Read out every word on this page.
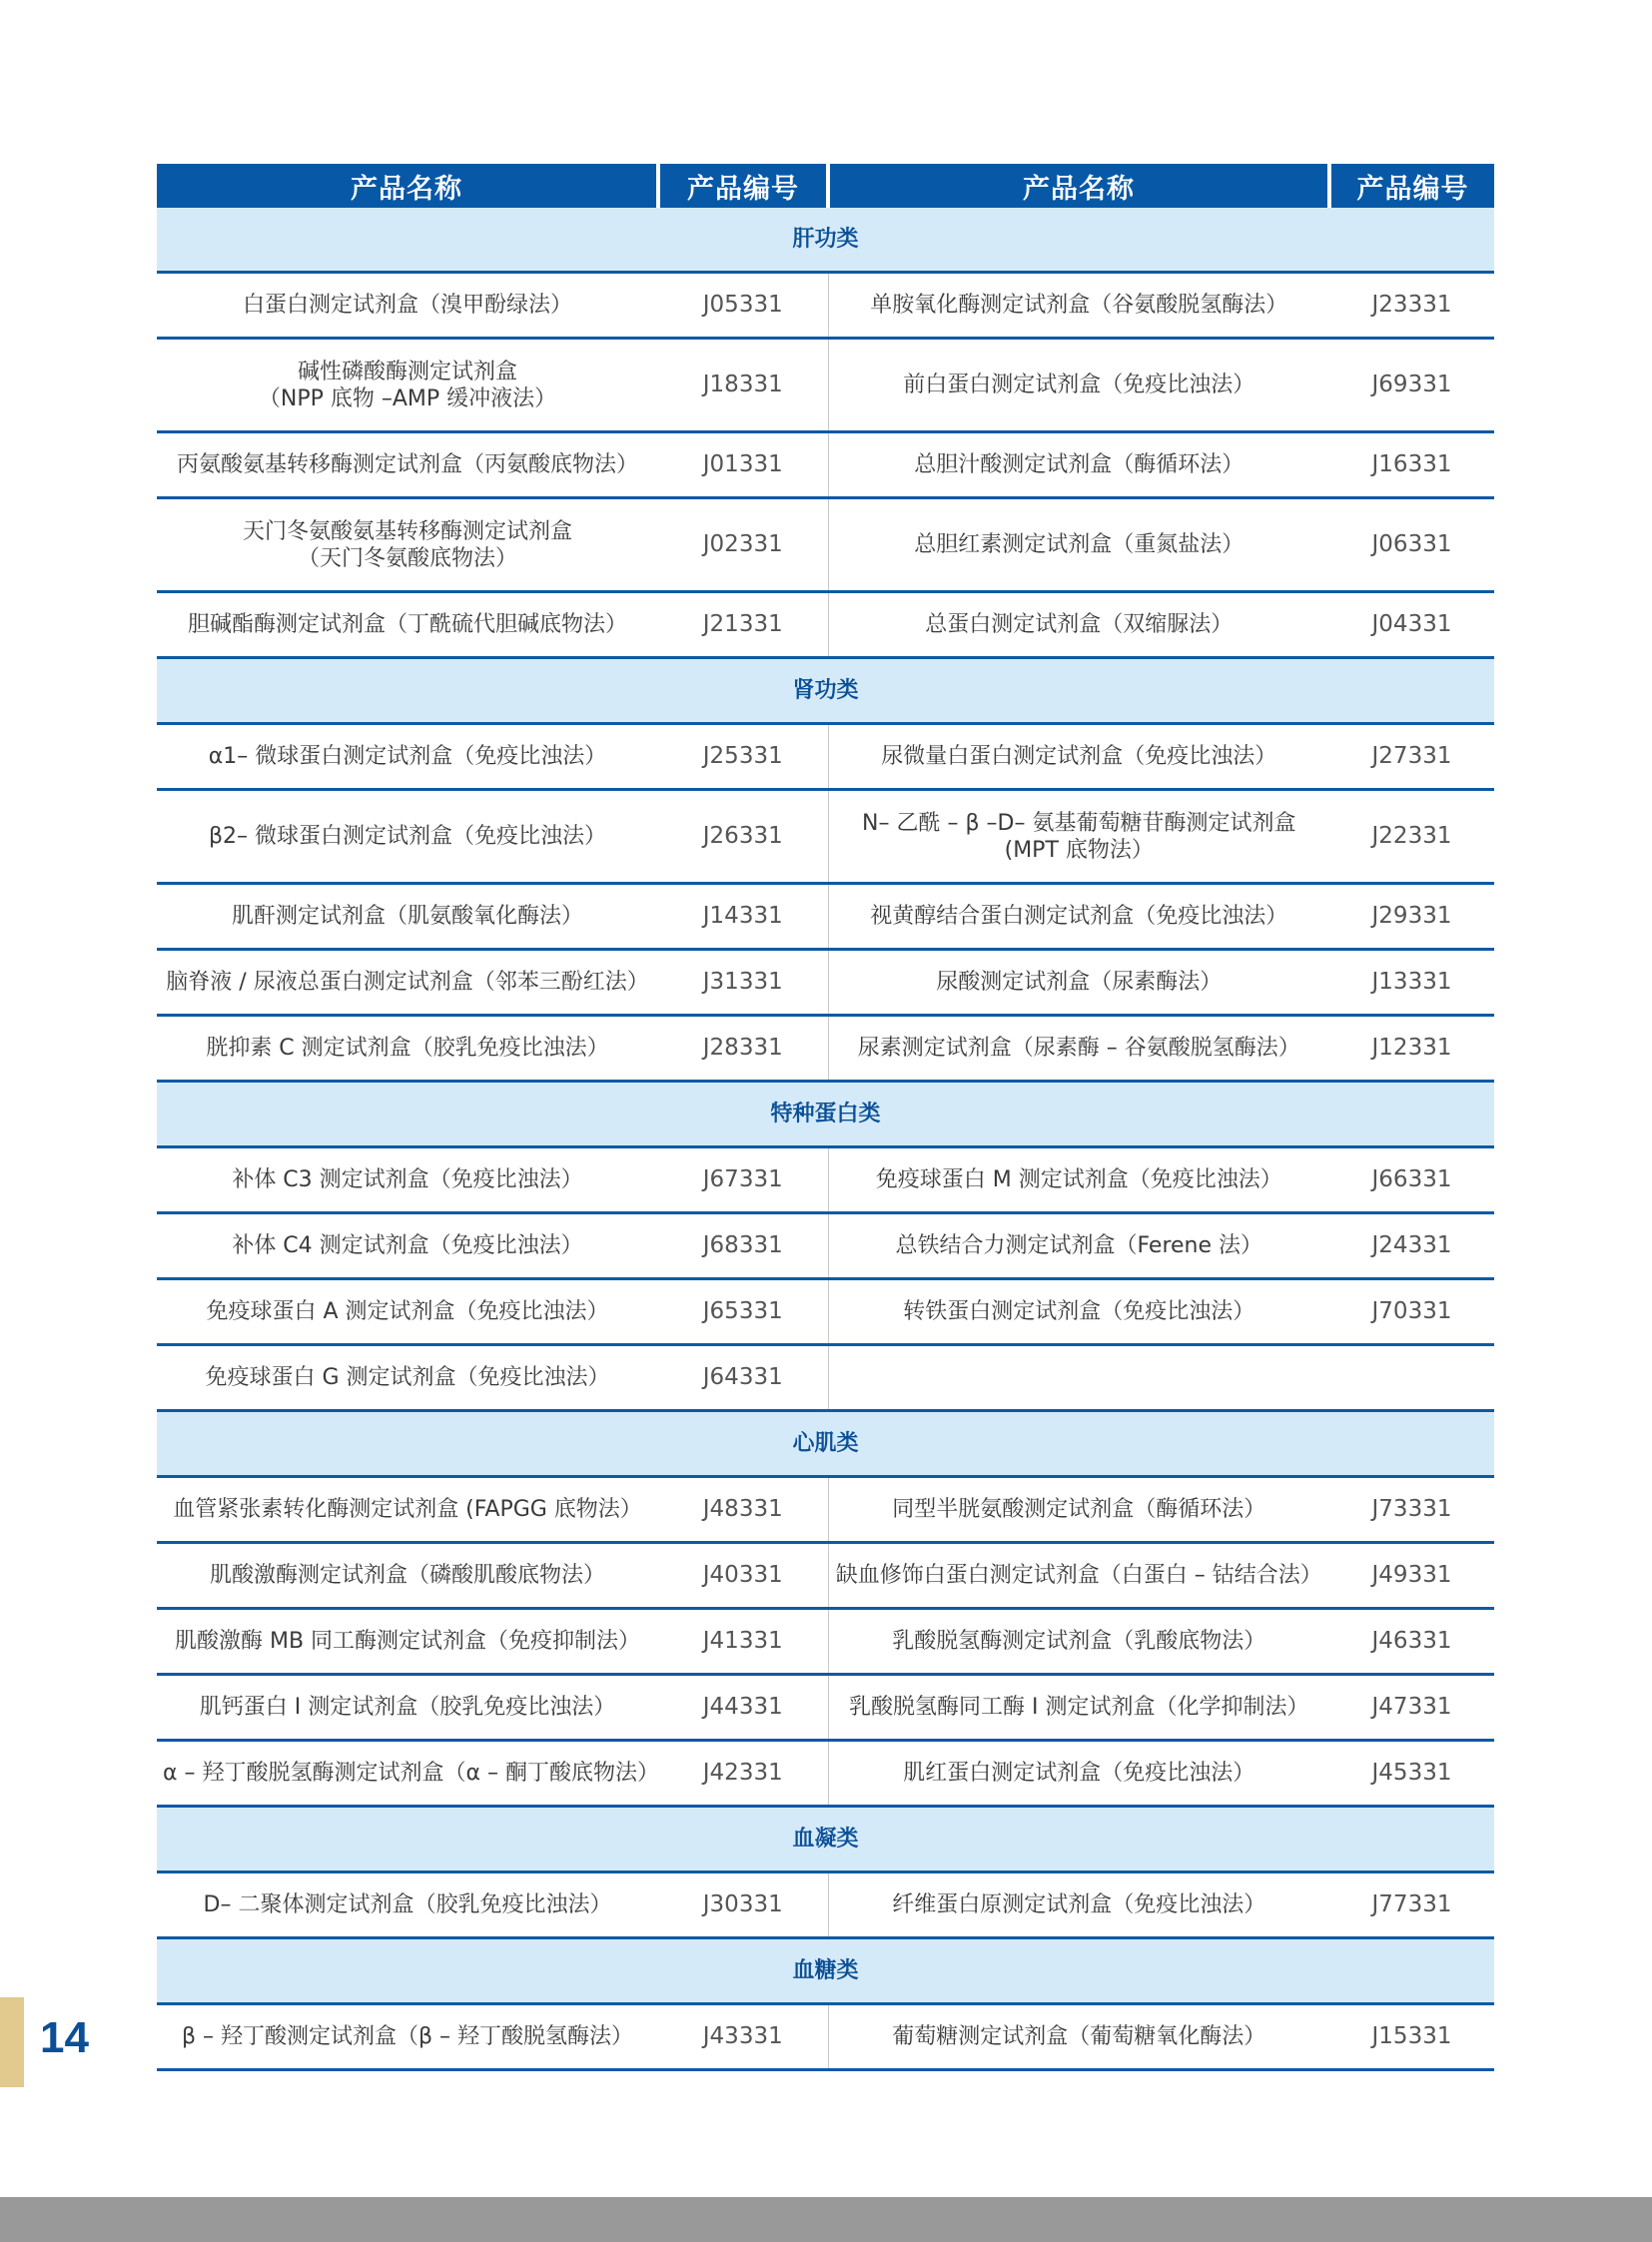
产品名称	产品编号	产品名称	产品编号
肝功类			

白蛋白测定试剂盒（溴甲酚绿法）	J05331	单胺氧化酶测定试剂盒（谷氨酸脱氢酶法）	J23331

碱性磷酸酶测定试剂盒
（NPP 底物 –AMP 缓冲液法）	J18331	前白蛋白测定试剂盒（免疫比浊法）	J69331

丙氨酸氨基转移酶测定试剂盒（丙氨酸底物法）	J01331	总胆汁酸测定试剂盒（酶循环法）	J16331

天门冬氨酸氨基转移酶测定试剂盒
（天门冬氨酸底物法）	J02331	总胆红素测定试剂盒（重氮盐法）	J06331

胆碱酯酶测定试剂盒（丁酰硫代胆碱底物法）	J21331	总蛋白测定试剂盒（双缩脲法）	J04331
肾功类			

α1– 微球蛋白测定试剂盒（免疫比浊法）	J25331	尿微量白蛋白测定试剂盒（免疫比浊法）	J27331

β2– 微球蛋白测定试剂盒（免疫比浊法）	J26331	N– 乙酰 – β –D– 氨基葡萄糖苷酶测定试剂盒
(MPT 底物法）	J22331

肌酐测定试剂盒（肌氨酸氧化酶法）	J14331	视黄醇结合蛋白测定试剂盒（免疫比浊法）	J29331

脑脊液 / 尿液总蛋白测定试剂盒（邻苯三酚红法）	J31331	尿酸测定试剂盒（尿素酶法）	J13331

胱抑素 C 测定试剂盒（胶乳免疫比浊法）	J28331	尿素测定试剂盒（尿素酶 – 谷氨酸脱氢酶法）	J12331
特种蛋白类			

补体 C3 测定试剂盒（免疫比浊法）	J67331	免疫球蛋白 M 测定试剂盒（免疫比浊法）	J66331

补体 C4 测定试剂盒（免疫比浊法）	J68331	总铁结合力测定试剂盒（Ferene 法）	J24331

免疫球蛋白 A 测定试剂盒（免疫比浊法）	J65331	转铁蛋白测定试剂盒（免疫比浊法）	J70331

免疫球蛋白 G 测定试剂盒（免疫比浊法）	J64331	

心肌类			

血管紧张素转化酶测定试剂盒 (FAPGG 底物法）	J48331	同型半胱氨酸测定试剂盒（酶循环法）	J73331

肌酸激酶测定试剂盒（磷酸肌酸底物法）	J40331	缺血修饰白蛋白测定试剂盒（白蛋白 – 钴结合法）	J49331

肌酸激酶 MB 同工酶测定试剂盒（免疫抑制法）	J41331	乳酸脱氢酶测定试剂盒（乳酸底物法）	J46331

肌钙蛋白 I 测定试剂盒（胶乳免疫比浊法）	J44331	乳酸脱氢酶同工酶 I 测定试剂盒（化学抑制法）	J47331

α – 羟丁酸脱氢酶测定试剂盒（α – 酮丁酸底物法）	J42331	肌红蛋白测定试剂盒（免疫比浊法）	J45331
血凝类			

D– 二聚体测定试剂盒（胶乳免疫比浊法）	J30331	纤维蛋白原测定试剂盒（免疫比浊法）	J77331
血糖类			

β – 羟丁酸测定试剂盒（β – 羟丁酸脱氢酶法）	J43331	葡萄糖测定试剂盒（葡萄糖氧化酶法）	J15331
14
